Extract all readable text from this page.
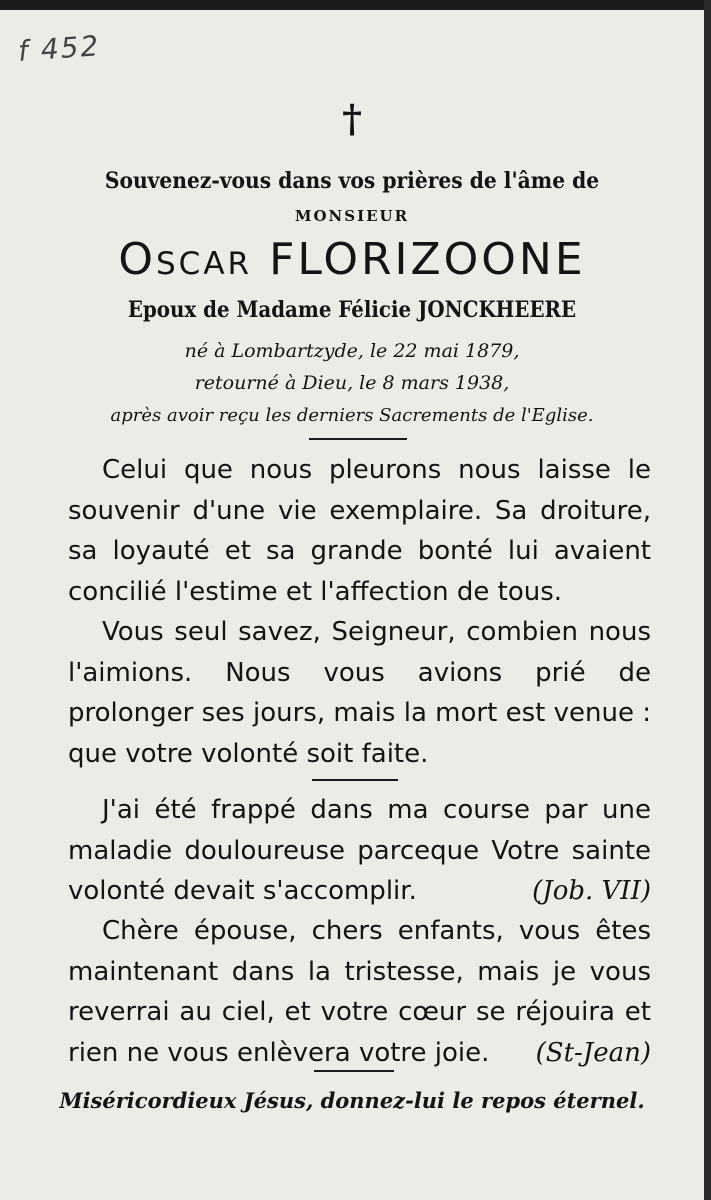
f 452
†
Souvenez-vous dans vos prières de l'âme de
MONSIEUR
Oscar FLORIZOONE
Epoux de Madame Félicie JONCKHEERE
né à Lombartzyde, le 22 mai 1879,
retourné à Dieu, le 8 mars 1938,
après avoir reçu les derniers Sacrements de l'Eglise.
Celui que nous pleurons nous laisse le souvenir d'une vie exemplaire. Sa droiture, sa loyauté et sa grande bonté lui avaient concilié l'estime et l'affection de tous.
Vous seul savez, Seigneur, combien nous l'aimions. Nous vous avions prié de prolonger ses jours, mais la mort est venue : que votre volonté soit faite.
J'ai été frappé dans ma course par une maladie douloureuse parceque Votre sainte volonté devait s'accomplir.	(Job. VII)
Chère épouse, chers enfants, vous êtes maintenant dans la tristesse, mais je vous reverrai au ciel, et votre cœur se réjouira et rien ne vous enlèvera votre joie.	(St-Jean)
Miséricordieux Jésus, donnez-lui le repos éternel.
